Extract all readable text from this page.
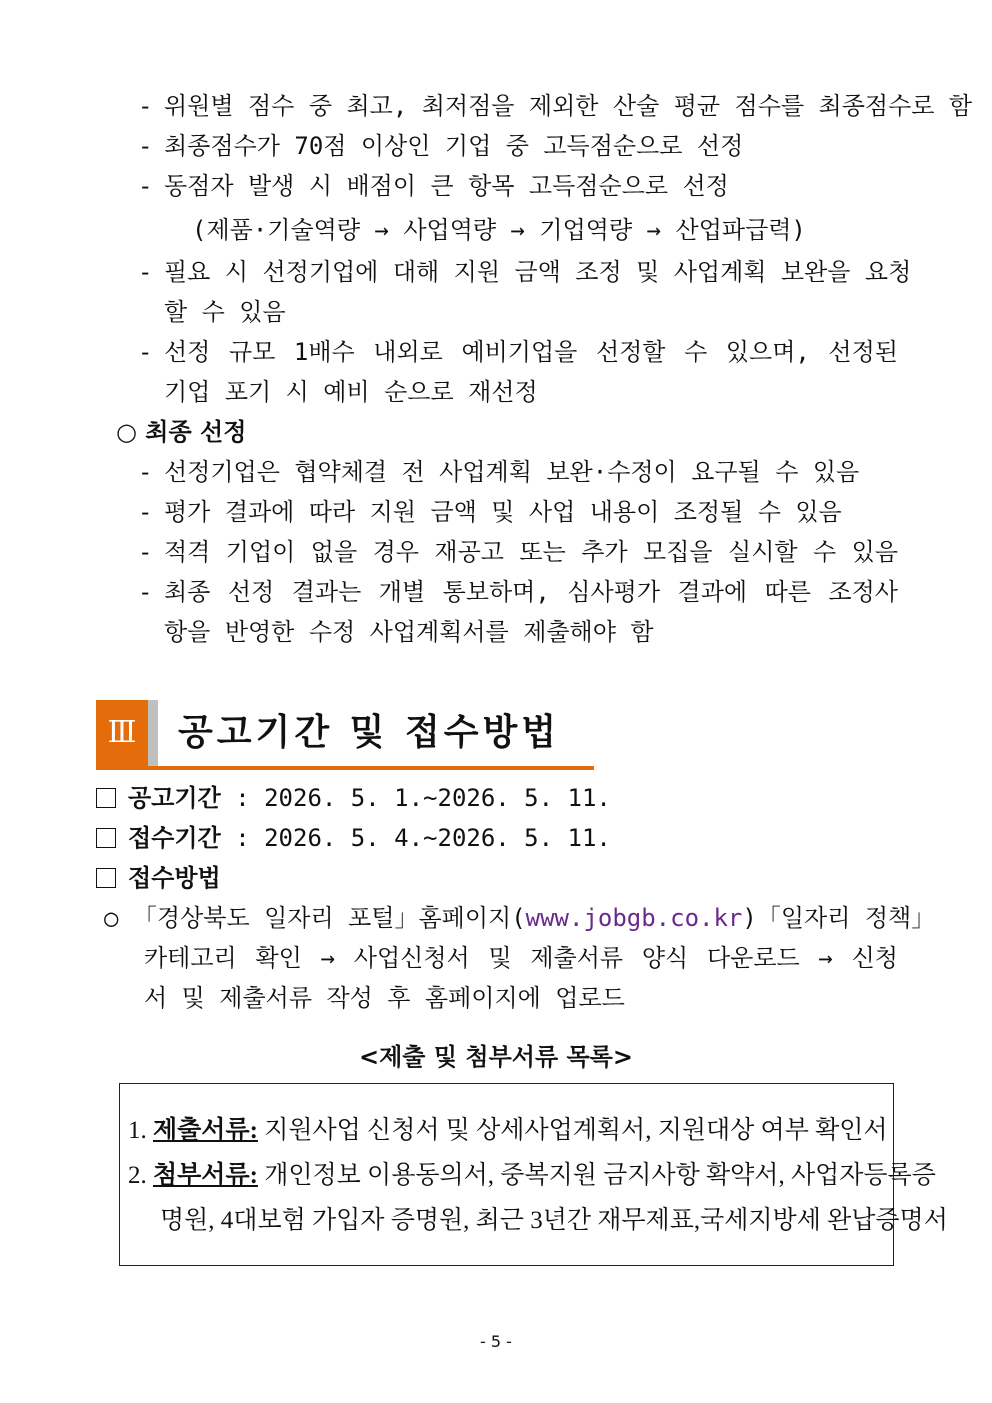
- 위원별 점수 중 최고, 최저점을 제외한 산술 평균 점수를 최종점수로 함
- 최종점수가 70점 이상인 기업 중 고득점순으로 선정
- 동점자 발생 시 배점이 큰 항목 고득점순으로 선정
(제품·기술역량 → 사업역량 → 기업역량 → 산업파급력)
- 필요 시 선정기업에 대해 지원 금액 조정 및 사업계획 보완을 요청
할 수 있음
- 선정 규모 1배수 내외로 예비기업을 선정할 수 있으며, 선정된
기업 포기 시 예비 순으로 재선정
○ 최종 선정
- 선정기업은 협약체결 전 사업계획 보완·수정이 요구될 수 있음
- 평가 결과에 따라 지원 금액 및 사업 내용이 조정될 수 있음
- 적격 기업이 없을 경우 재공고 또는 추가 모집을 실시할 수 있음
- 최종 선정 결과는 개별 통보하며, 심사평가 결과에 따른 조정사
항을 반영한 수정 사업계획서를 제출해야 함
Ⅲ	공고기간 및 접수방법
공고기간 : 2026. 5. 1.~2026. 5. 11.
접수기간 : 2026. 5. 4.~2026. 5. 11.
접수방법
○ 「경상북도 일자리 포털」홈페이지(www.jobgb.co.kr)「일자리 정책」
카테고리 확인 → 사업신청서 및 제출서류 양식 다운로드 → 신청
서 및 제출서류 작성 후 홈페이지에 업로드
<제출 및 첨부서류 목록>
1. 제출서류: 지원사업 신청서 및 상세사업계획서, 지원대상 여부 확인서
2. 첨부서류: 개인정보 이용동의서, 중복지원 금지사항 확약서, 사업자등록증
명원, 4대보험 가입자 증명원, 최근 3년간 재무제표,국세지방세 완납증명서
- 5 -
